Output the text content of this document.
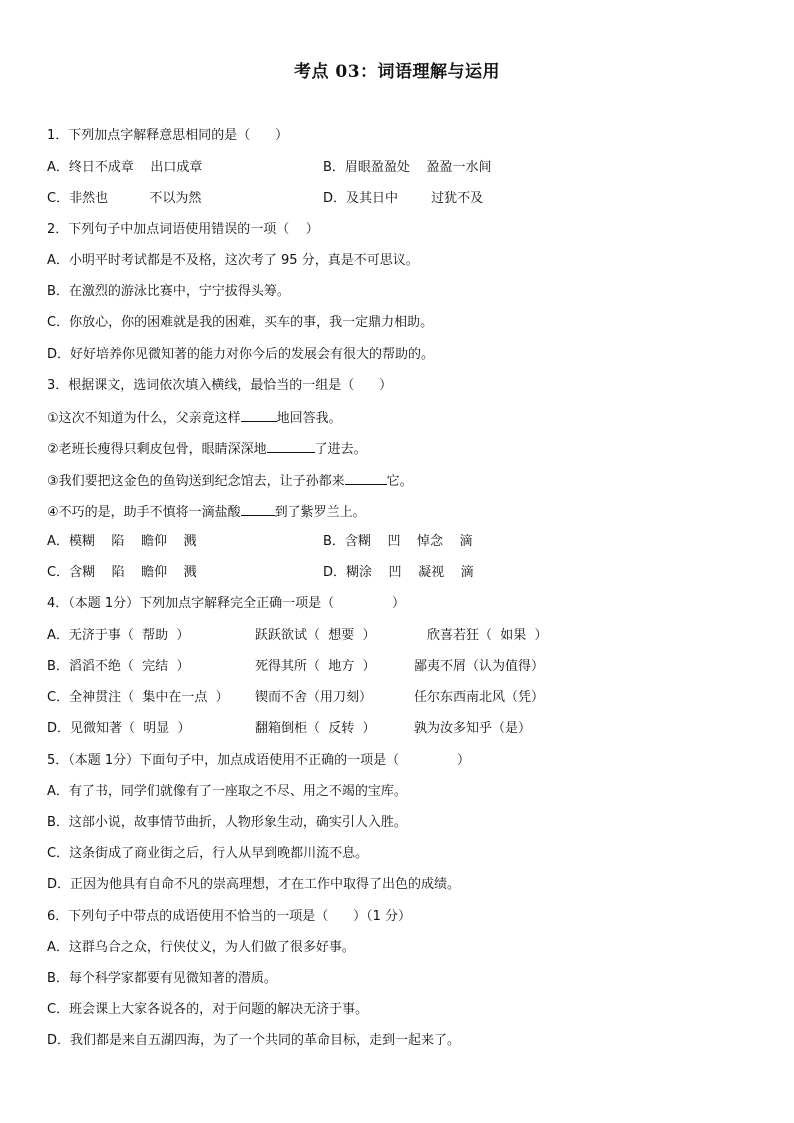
考点 03：词语理解与运用
1．下列加点字解释意思相同的是（      ）
A．终日不成章    出口成章	B．眉眼盈盈处    盈盈一水间
C．非然也          不以为然	D．及其日中        过犹不及
2．下列句子中加点词语使用错误的一项（    ）
A．小明平时考试都是不及格，这次考了 95 分，真是不可思议。
B．在激烈的游泳比赛中，宁宁拔得头筹。
C．你放心，你的困难就是我的困难，买车的事，我一定鼎力相助。
D．好好培养你见微知著的能力对你今后的发展会有很大的帮助的。
3．根据课文，选词依次填入横线，最恰当的一组是（      ）
①这次不知道为什么，父亲竟这样	地回答我。
②老班长瘦得只剩皮包骨，眼睛深深地	了进去。
③我们要把这金色的鱼钩送到纪念馆去，让子孙都来	它。
④不巧的是，助手不慎将一滴盐酸	到了紫罗兰上。
A．模糊    陷    瞻仰    溅	B．含糊    凹    悼念    滴
C．含糊    陷    瞻仰    溅	D．糊涂    凹    凝视    滴
4．（本题 1分）下列加点字解释完全正确一项是（              ）
A．无济于事（  帮助  ）	跃跃欲试（  想要  ）	欣喜若狂（  如果  ）
B．滔滔不绝（  完结  ）	死得其所（  地方  ）	鄙夷不屑（认为值得）
C．全神贯注（  集中在一点  ） 锲而不舍（用刀刻）	任尔东西南北风（凭）
D．见微知著（  明显  ）	翻箱倒柜（  反转  ）	孰为汝多知乎（是）
5．（本题 1分）下面句子中，加点成语使用不正确的一项是（              ）
A．有了书，同学们就像有了一座取之不尽、用之不竭的宝库。
B．这部小说，故事情节曲折，人物形象生动，确实引人入胜。
C．这条街成了商业街之后，行人从早到晚都川流不息。
D．正因为他具有自命不凡的崇高理想，才在工作中取得了出色的成绩。
6．下列句子中带点的成语使用不恰当的一项是（      ）（1 分）
A．这群乌合之众，行侠仗义，为人们做了很多好事。
B．每个科学家都要有见微知著的潜质。
C．班会课上大家各说各的，对于问题的解决无济于事。
D．我们都是来自五湖四海，为了一个共同的革命目标，走到一起来了。
